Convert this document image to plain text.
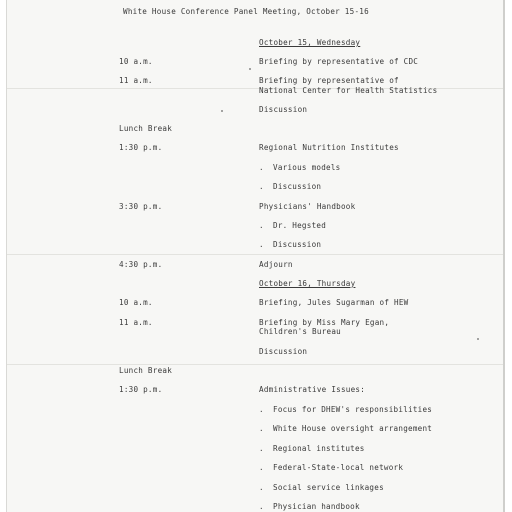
White House Conference Panel Meeting, October 15-16
October 15, Wednesday
10 a.m.	Briefing by representative of CDC
11 a.m.	Briefing by representative of
National Center for Health Statistics
Discussion
Lunch Break
1:30 p.m.	Regional Nutrition Institutes
. Various models
. Discussion
3:30 p.m.	Physicians' Handbook
. Dr. Hegsted
. Discussion
4:30 p.m.	Adjourn
October 16, Thursday
10 a.m.	Briefing, Jules Sugarman of HEW
11 a.m.	Briefing by Miss Mary Egan,
Children's Bureau
Discussion
Lunch Break
1:30 p.m.	Administrative Issues:
. Focus for DHEW's responsibilities
. White House oversight arrangement
. Regional institutes
. Federal-State-local network
. Social service linkages
. Physician handbook
